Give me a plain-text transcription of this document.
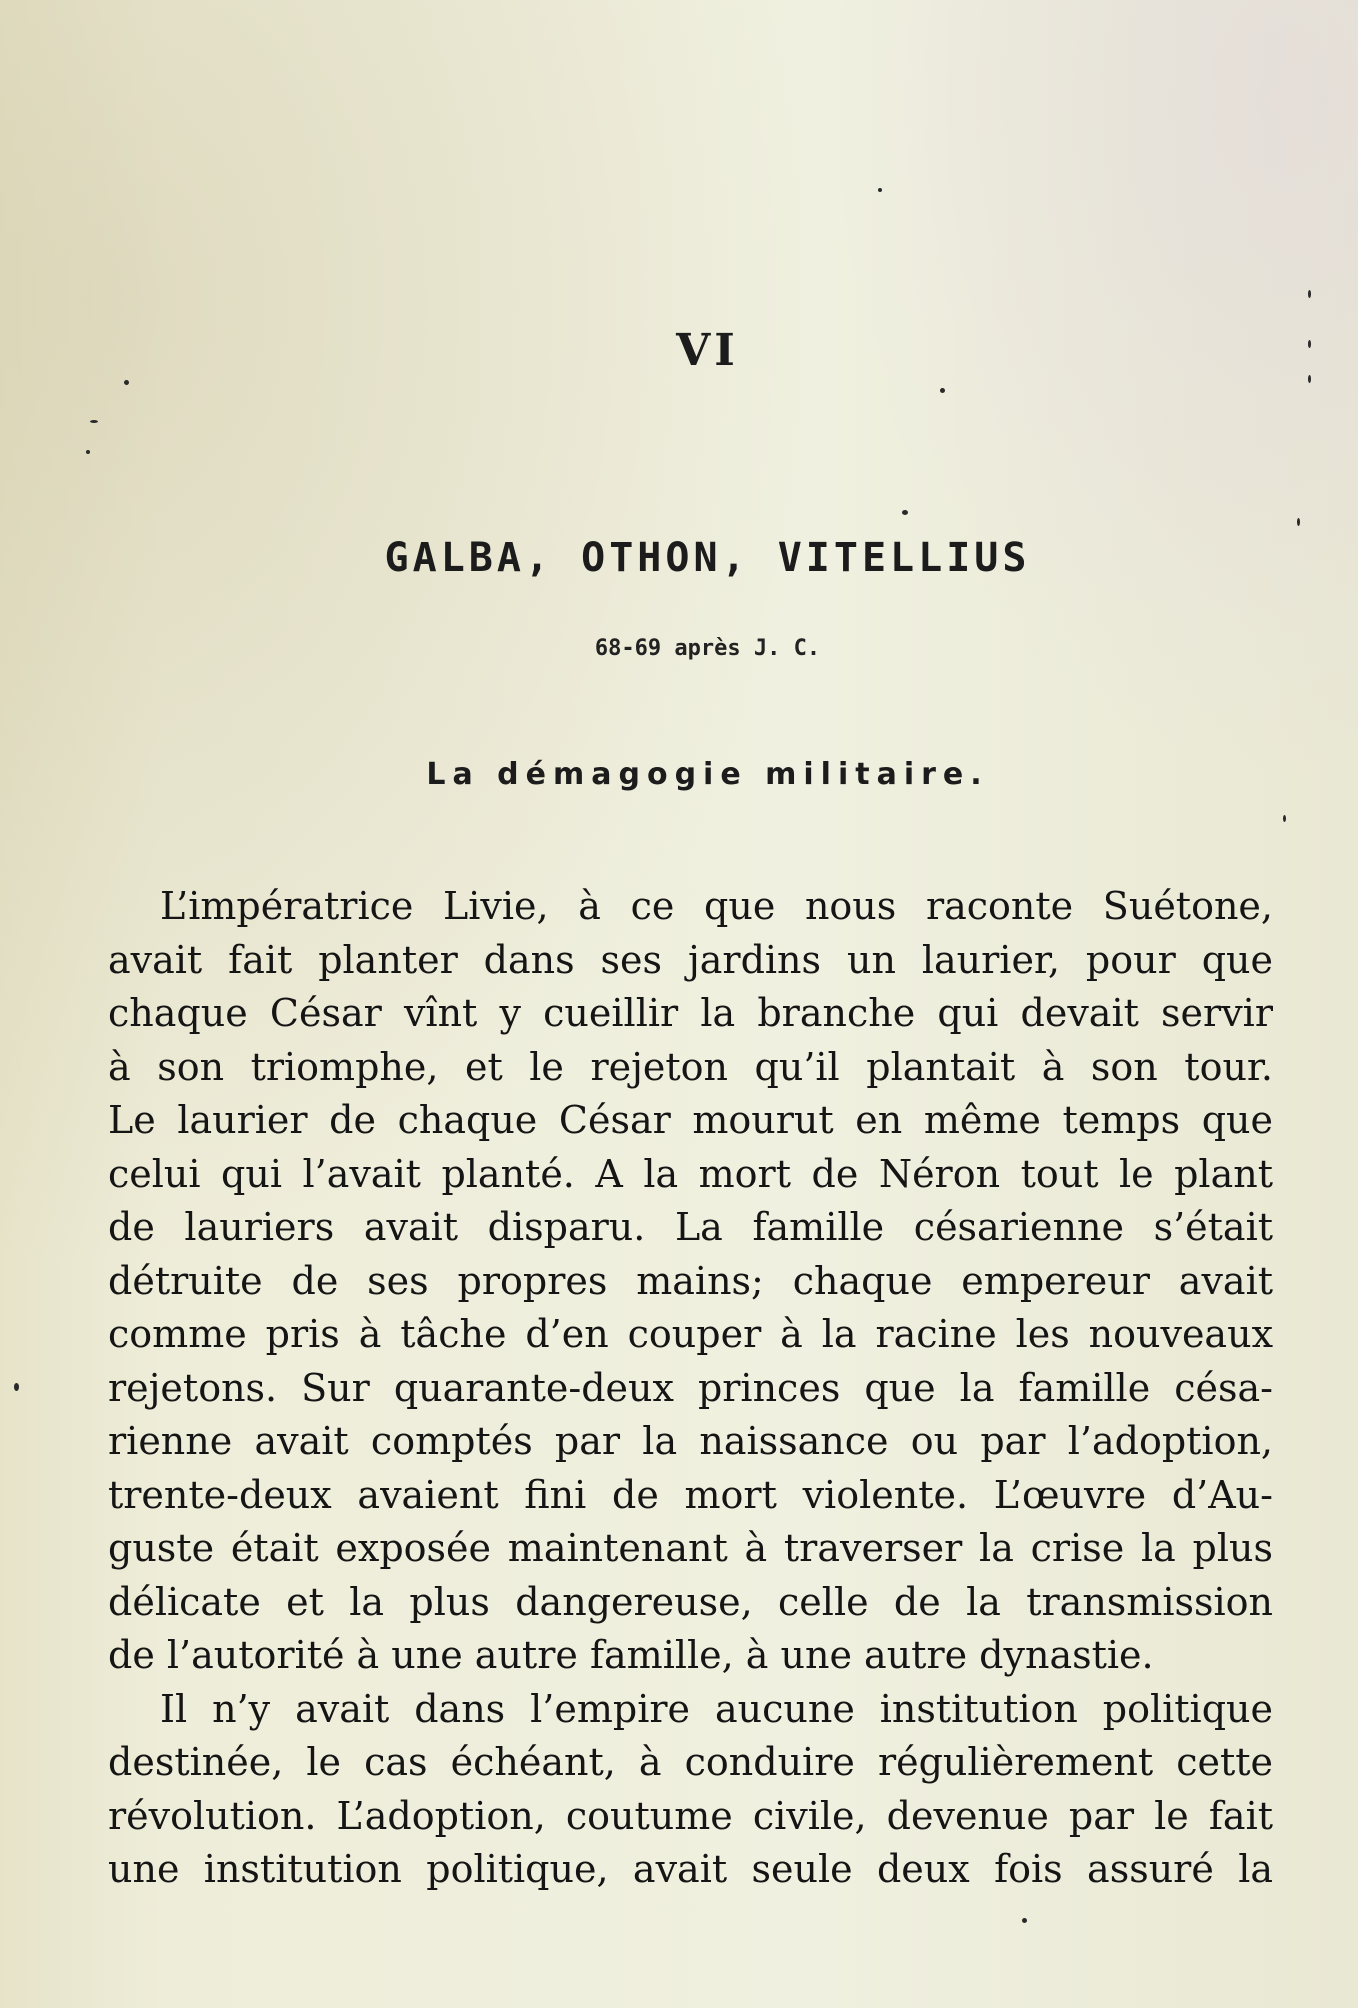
VI
GALBA, OTHON, VITELLIUS
68-69 après J. C.
La démagogie militaire.
L’impératrice Livie, à ce que nous raconte Suétone,
avait fait planter dans ses jardins un laurier, pour que
chaque César vînt y cueillir la branche qui devait servir
à son triomphe, et le rejeton qu’il plantait à son tour.
Le laurier de chaque César mourut en même temps que
celui qui l’avait planté. A la mort de Néron tout le plant
de lauriers avait disparu. La famille césarienne s’était
détruite de ses propres mains; chaque empereur avait
comme pris à tâche d’en couper à la racine les nouveaux
rejetons. Sur quarante-deux princes que la famille césa-
rienne avait comptés par la naissance ou par l’adoption,
trente-deux avaient fini de mort violente. L’œuvre d’Au-
guste était exposée maintenant à traverser la crise la plus
délicate et la plus dangereuse, celle de la transmission
de l’autorité à une autre famille, à une autre dynastie.
Il n’y avait dans l’empire aucune institution politique
destinée, le cas échéant, à conduire régulièrement cette
révolution. L’adoption, coutume civile, devenue par le fait
une institution politique, avait seule deux fois assuré la
